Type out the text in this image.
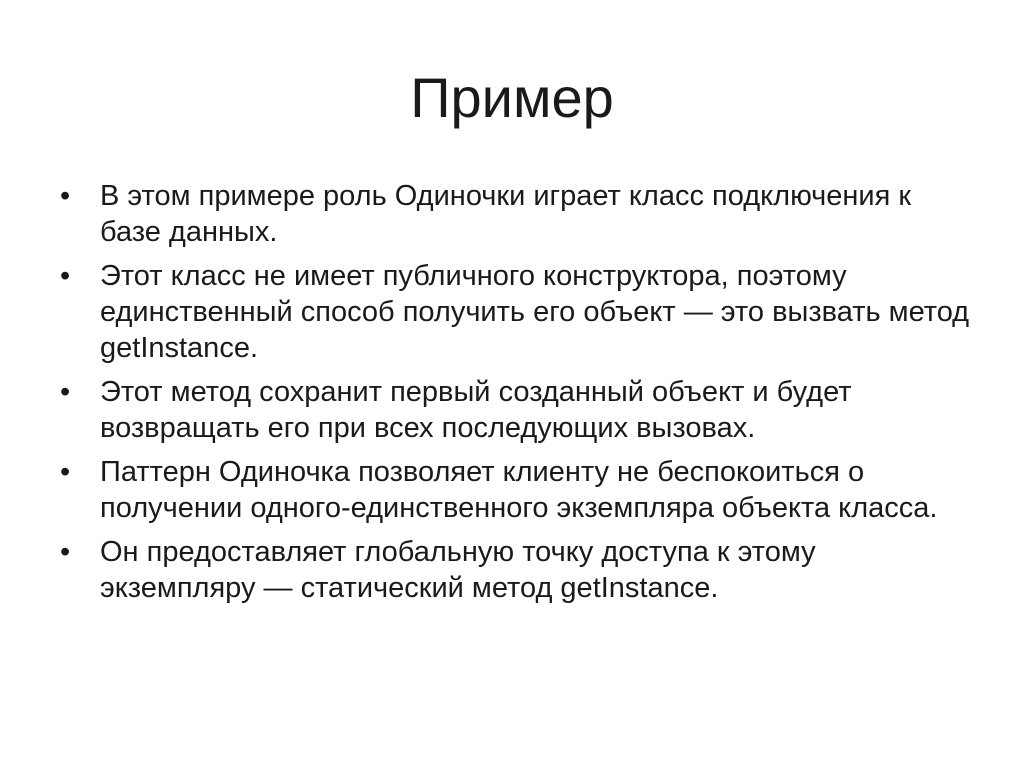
Пример
• В этом примере роль Одиночки играет класс подключения к базе данных.
• Этот класс не имеет публичного конструктора, поэтому единственный способ получить его объект — это вызвать метод getInstance.
• Этот метод сохранит первый созданный объект и будет возвращать его при всех последующих вызовах.
• Паттерн Одиночка позволяет клиенту не беспокоиться о получении одного-единственного экземпляра объекта класса.
• Он предоставляет глобальную точку доступа к этому экземпляру — статический метод getInstance.
